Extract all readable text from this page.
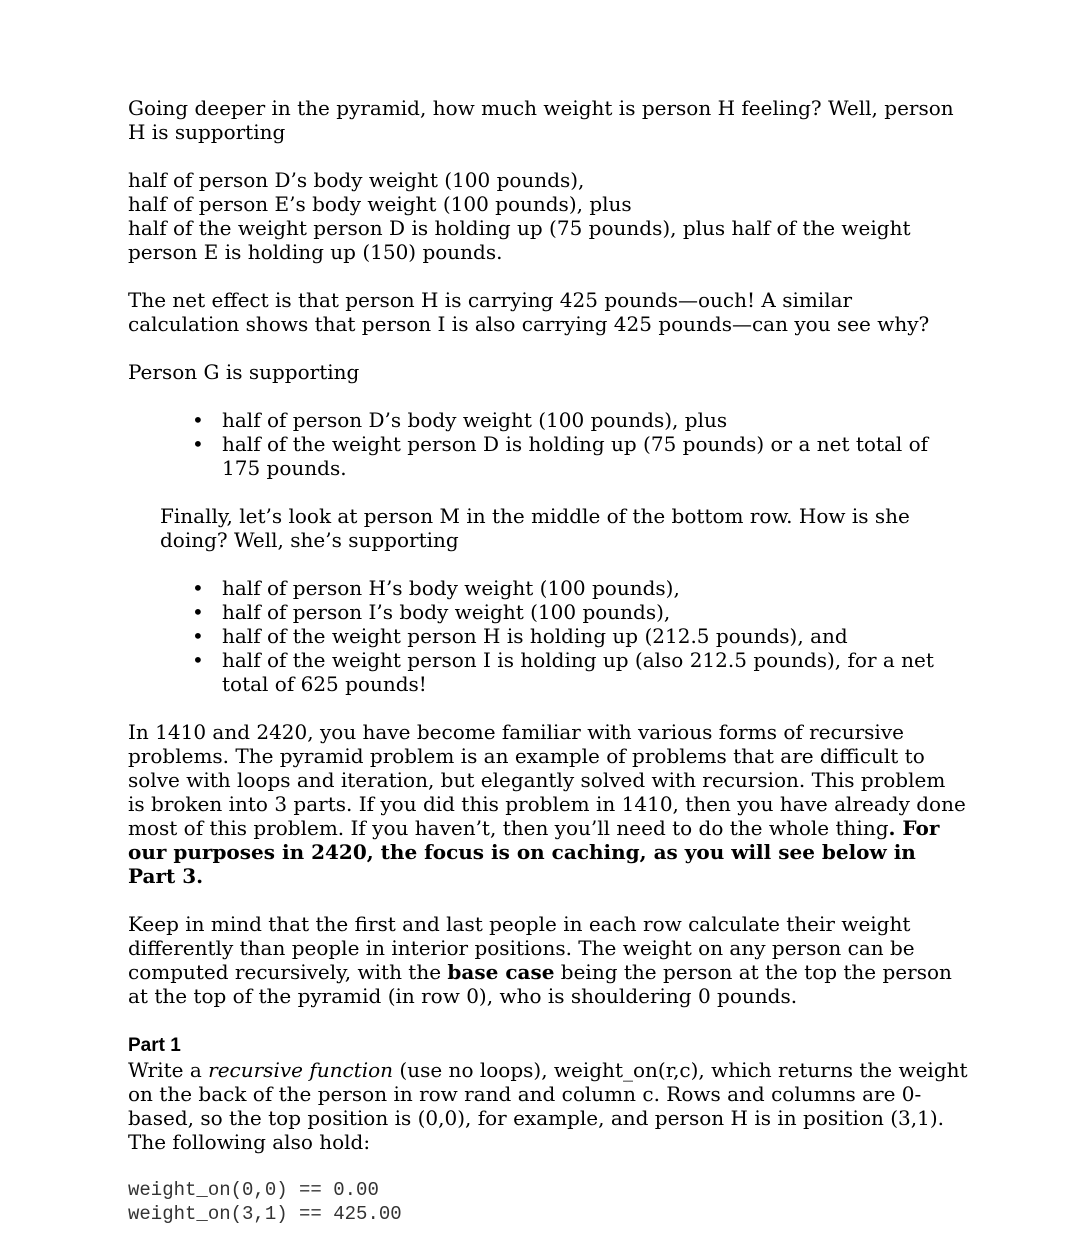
Going deeper in the pyramid, how much weight is person H feeling? Well, person H is supporting

half of person D’s body weight (100 pounds),
half of person E’s body weight (100 pounds), plus
half of the weight person D is holding up (75 pounds), plus half of the weight person E is holding up (150) pounds.

The net effect is that person H is carrying 425 pounds—ouch! A similar calculation shows that person I is also carrying 425 pounds—can you see why?

Person G is supporting

• half of person D’s body weight (100 pounds), plus
• half of the weight person D is holding up (75 pounds) or a net total of 175 pounds.

Finally, let’s look at person M in the middle of the bottom row. How is she doing? Well, she’s supporting

• half of person H’s body weight (100 pounds),
• half of person I’s body weight (100 pounds),
• half of the weight person H is holding up (212.5 pounds), and
• half of the weight person I is holding up (also 212.5 pounds), for a net total of 625 pounds!

In 1410 and 2420, you have become familiar with various forms of recursive problems. The pyramid problem is an example of problems that are difficult to solve with loops and iteration, but elegantly solved with recursion. This problem is broken into 3 parts. If you did this problem in 1410, then you have already done most of this problem. If you haven’t, then you’ll need to do the whole thing. For our purposes in 2420, the focus is on caching, as you will see below in Part 3.

Keep in mind that the first and last people in each row calculate their weight differently than people in interior positions. The weight on any person can be computed recursively, with the base case being the person at the top the person at the top of the pyramid (in row 0), who is shouldering 0 pounds.

Part 1

Write a recursive function (use no loops), weight_on(r,c), which returns the weight on the back of the person in row rand and column c. Rows and columns are 0-based, so the top position is (0,0), for example, and person H is in position (3,1). The following also hold:

weight_on(0,0) == 0.00
weight_on(3,1) == 425.00
